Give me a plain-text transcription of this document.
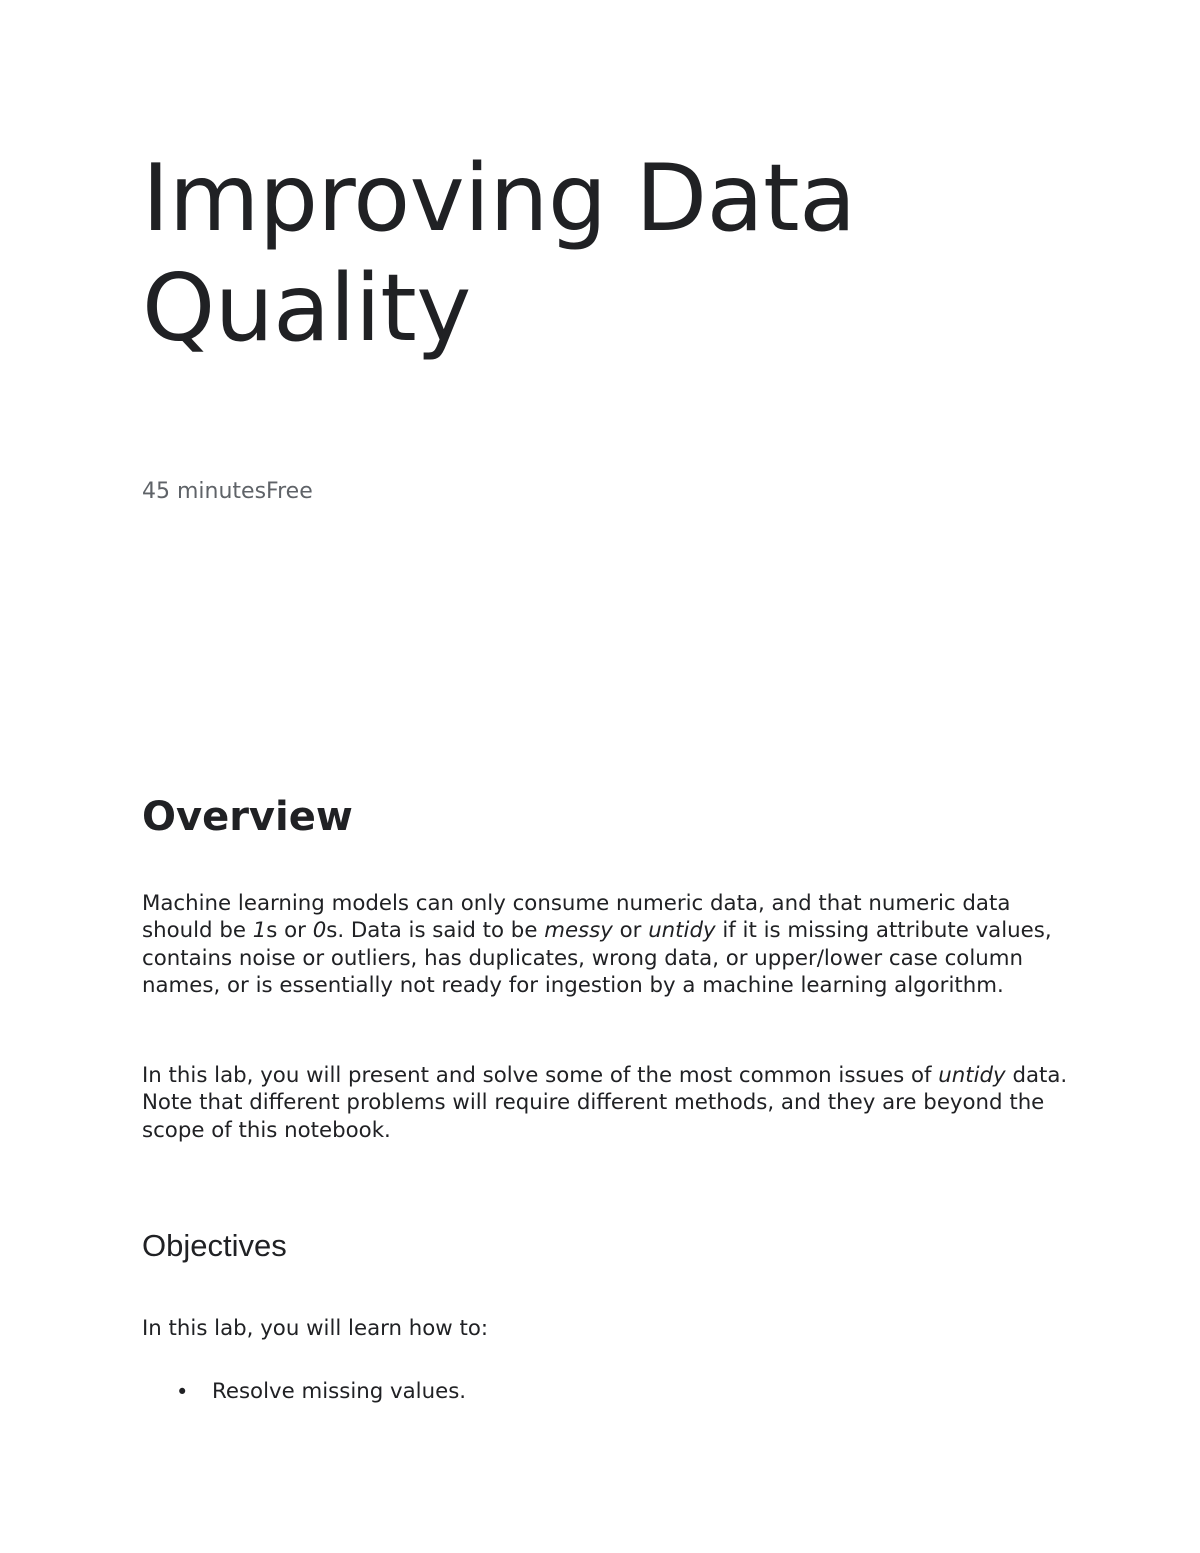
Improving Data Quality
45 minutesFree
Overview

Machine learning models can only consume numeric data, and that numeric data should be 1s or 0s. Data is said to be messy or untidy if it is missing attribute values, contains noise or outliers, has duplicates, wrong data, or upper/lower case column names, or is essentially not ready for ingestion by a machine learning algorithm.

In this lab, you will present and solve some of the most common issues of untidy data. Note that different problems will require different methods, and they are beyond the scope of this notebook.

Objectives

In this lab, you will learn how to:

• Resolve missing values.
